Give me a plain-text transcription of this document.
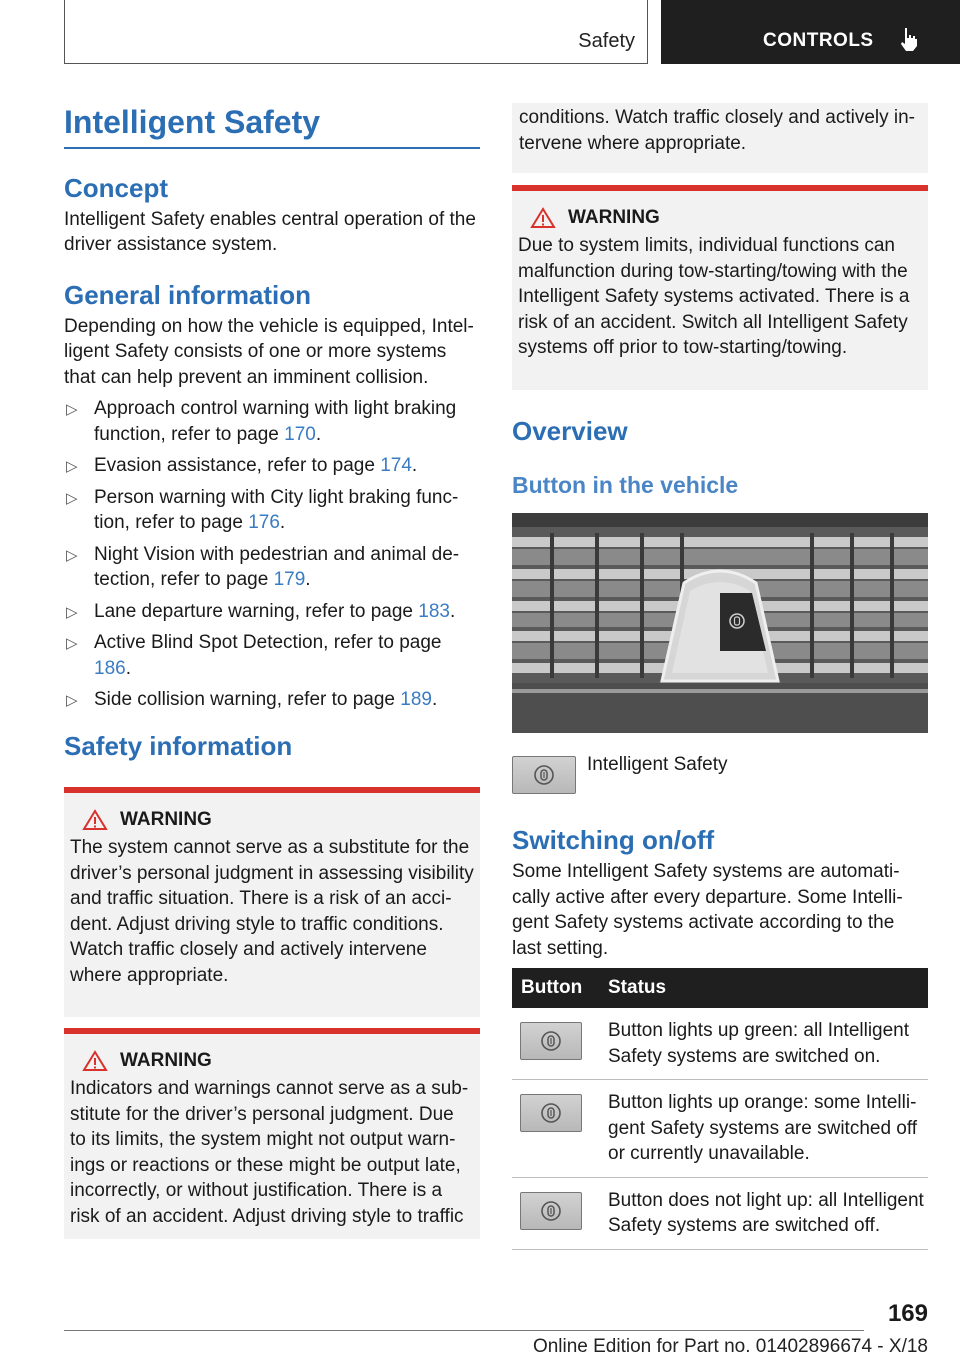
Safety	CONTROLS
Intelligent Safety
Concept
Intelligent Safety enables central operation of the driver assistance system.
General information
Depending on how the vehicle is equipped, Intel-ligent Safety consists of one or more systems that can help prevent an imminent collision.
▷ Approach control warning with light braking function, refer to page 170.
▷ Evasion assistance, refer to page 174.
▷ Person warning with City light braking func-tion, refer to page 176.
▷ Night Vision with pedestrian and animal de-tection, refer to page 179.
▷ Lane departure warning, refer to page 183.
▷ Active Blind Spot Detection, refer to page 186.
▷ Side collision warning, refer to page 189.
Safety information
WARNING
The system cannot serve as a substitute for the driver’s personal judgment in assessing visibility and traffic situation. There is a risk of an acci-dent. Adjust driving style to traffic conditions. Watch traffic closely and actively intervene where appropriate.
WARNING
Indicators and warnings cannot serve as a sub-stitute for the driver’s personal judgment. Due to its limits, the system might not output warn-ings or reactions or these might be output late, incorrectly, or without justification. There is a risk of an accident. Adjust driving style to traffic
conditions. Watch traffic closely and actively in-tervene where appropriate.
WARNING
Due to system limits, individual functions can malfunction during tow-starting/towing with the Intelligent Safety systems activated. There is a risk of an accident. Switch all Intelligent Safety systems off prior to tow-starting/towing.
Overview
Button in the vehicle
Intelligent Safety
Switching on/off
Some Intelligent Safety systems are automati-cally active after every departure. Some Intelli-gent Safety systems activate according to the last setting.
Button	Status

	Button lights up green: all Intelligent Safety systems are switched on.

	Button lights up orange: some Intelli-gent Safety systems are switched off or currently unavailable.

	Button does not light up: all Intelligent Safety systems are switched off.
169
Online Edition for Part no. 01402896674 - X/18
